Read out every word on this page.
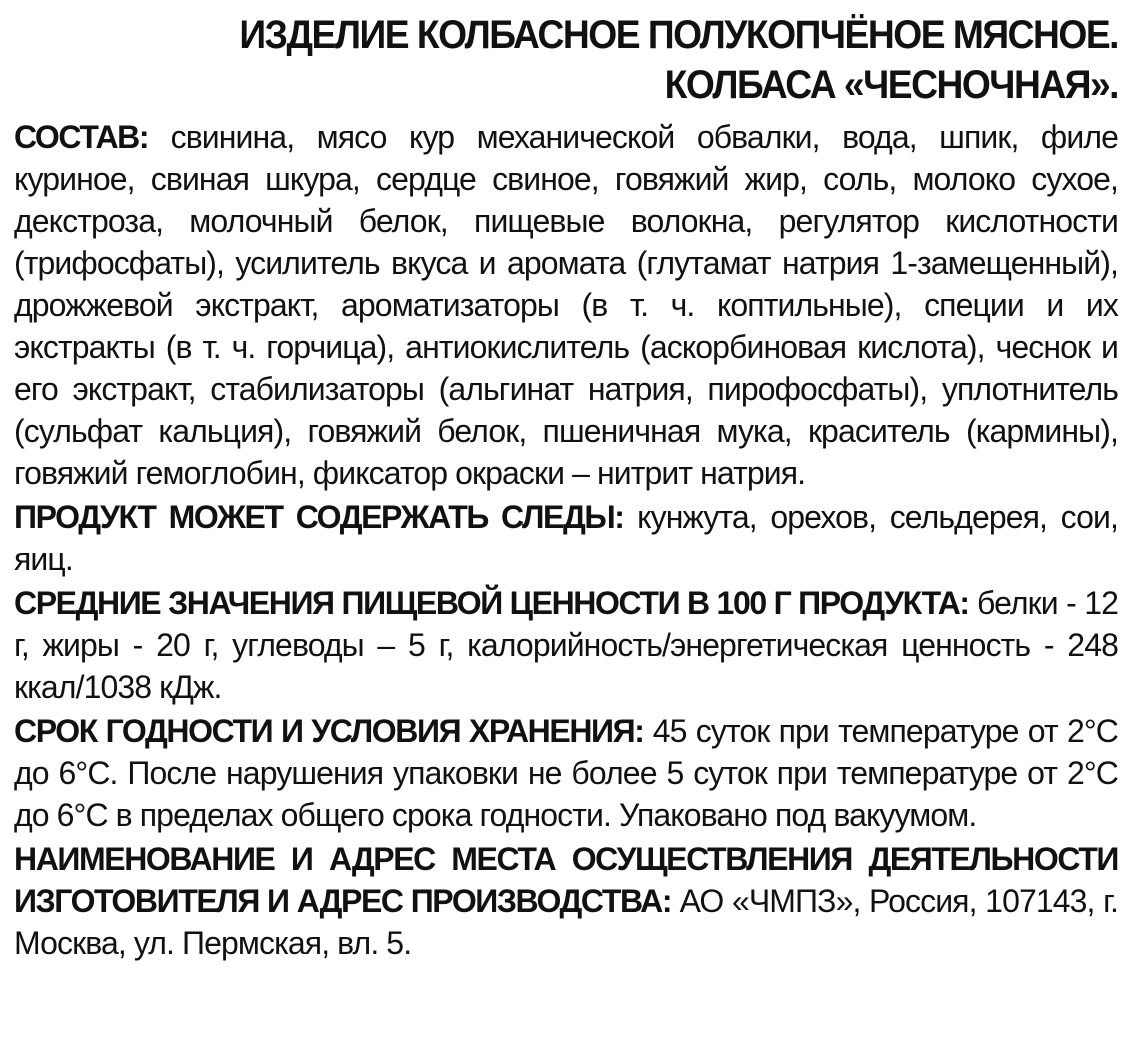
ИЗДЕЛИЕ КОЛБАСНОЕ ПОЛУКОПЧЁНОЕ МЯСНОЕ.
КОЛБАСА «ЧЕСНОЧНАЯ».

СОСТАВ: свинина, мясо кур механической обвалки, вода, шпик, филе куриное, свиная шкура, сердце свиное, говяжий жир, соль, молоко сухое, декстроза, молочный белок, пищевые волокна, регулятор кислотности (трифосфаты), усилитель вкуса и аромата (глутамат натрия 1-замещенный), дрожжевой экстракт, ароматизаторы (в т. ч. коптильные), специи и их экстракты (в т. ч. горчица), антиокислитель (аскорбиновая кислота), чеснок и его экстракт, стабилизаторы (альгинат натрия, пирофосфаты), уплотнитель (сульфат кальция), говяжий белок, пшеничная мука, краситель (кармины), говяжий гемоглобин, фиксатор окраски – нитрит натрия.

ПРОДУКТ МОЖЕТ СОДЕРЖАТЬ СЛЕДЫ: кунжута, орехов, сельдерея, сои, яиц.

СРЕДНИЕ ЗНАЧЕНИЯ ПИЩЕВОЙ ЦЕННОСТИ В 100 Г ПРОДУКТА: белки - 12 г, жиры - 20 г, углеводы – 5 г, калорийность/энергетическая ценность - 248 ккал/1038 кДж.

СРОК ГОДНОСТИ И УСЛОВИЯ ХРАНЕНИЯ: 45 суток при температуре от 2°С до 6°С. После нарушения упаковки не более 5 суток при температуре от 2°С до 6°С в пределах общего срока годности. Упаковано под вакуумом.

НАИМЕНОВАНИЕ И АДРЕС МЕСТА ОСУЩЕСТВЛЕНИЯ ДЕЯТЕЛЬНОСТИ ИЗГОТОВИТЕЛЯ И АДРЕС ПРОИЗВОДСТВА: АО «ЧМПЗ», Россия, 107143, г. Москва, ул. Пермская, вл. 5.
